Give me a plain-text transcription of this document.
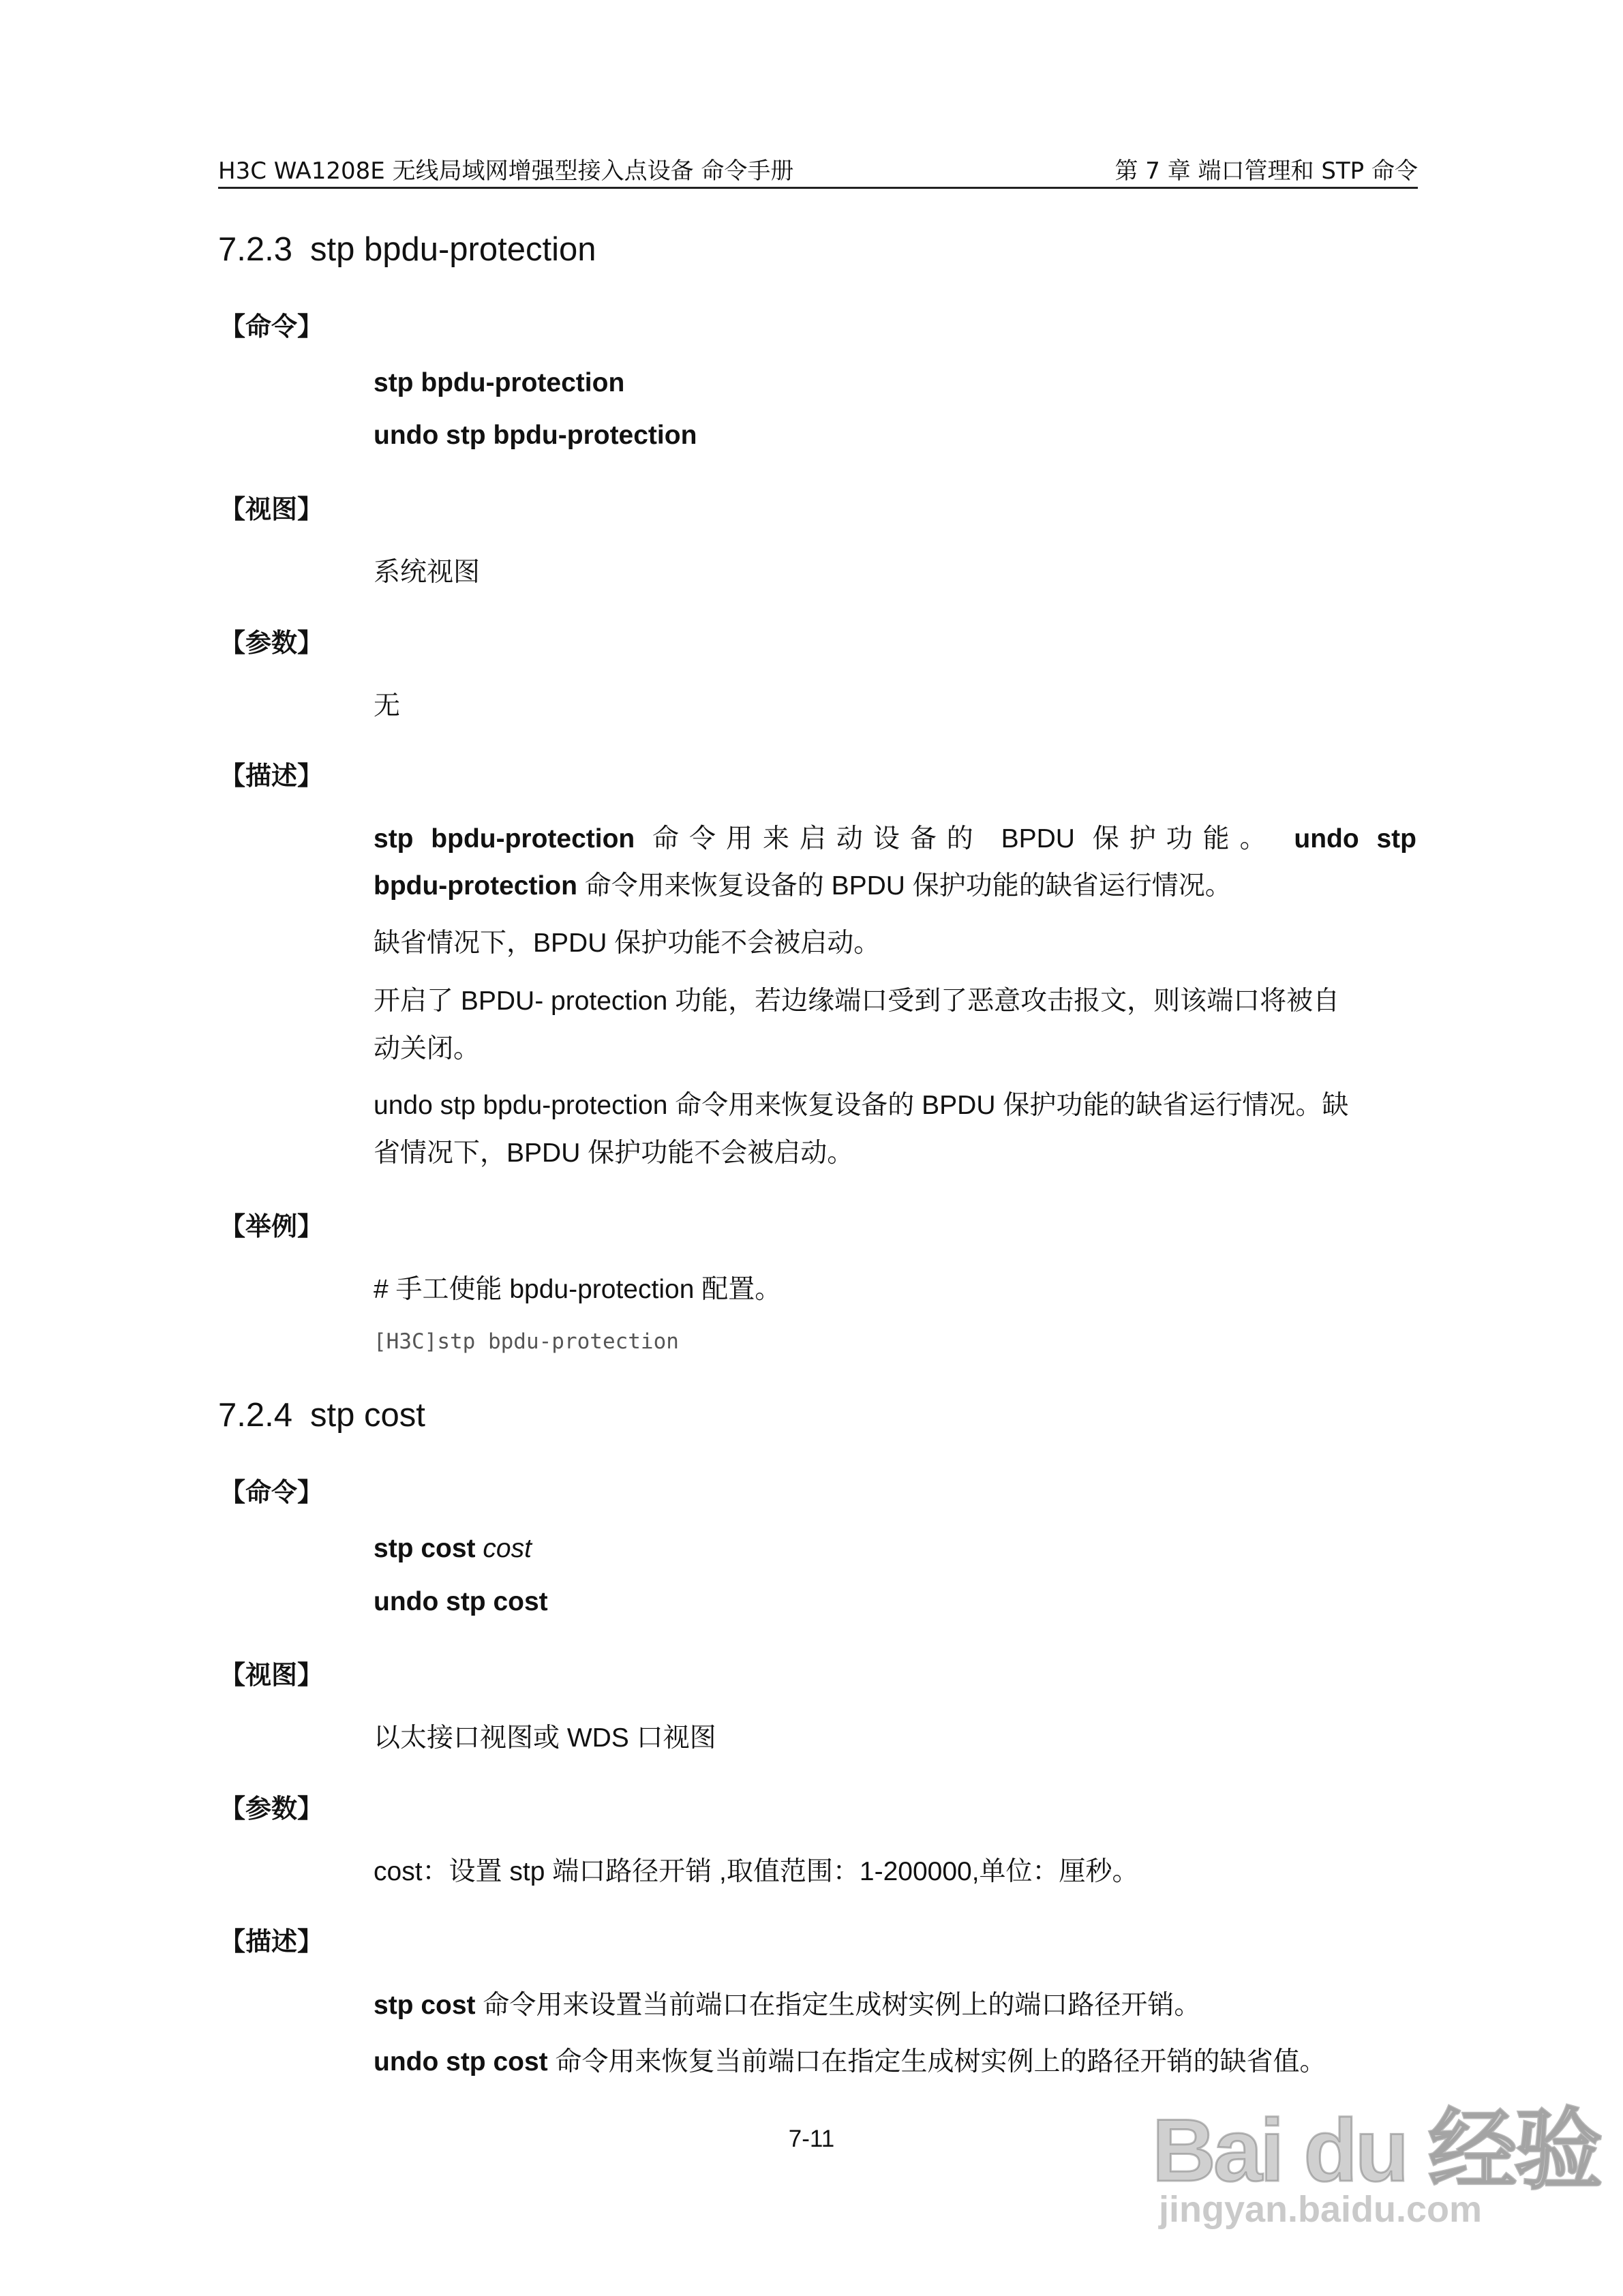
H3C WA1208E 无线局域网增强型接入点设备 命令手册	第 7 章 端口管理和 STP 命令
7.2.3 stp bpdu-protection
【命令】
stp bpdu-protection
undo stp bpdu-protection
【视图】
系统视图
【参数】
无
【描述】
stp bpdu-protection 命令用来启动设备的 BPDU 保护功能。 undo stp
bpdu-protection 命令用来恢复设备的 BPDU 保护功能的缺省运行情况。
缺省情况下，BPDU 保护功能不会被启动。
开启了 BPDU- protection 功能，若边缘端口受到了恶意攻击报文，则该端口将被自
动关闭。
undo stp bpdu-protection 命令用来恢复设备的 BPDU 保护功能的缺省运行情况。缺
省情况下，BPDU 保护功能不会被启动。
【举例】
# 手工使能 bpdu-protection 配置。
[H3C]stp bpdu-protection
7.2.4 stp cost
【命令】
stp cost cost
undo stp cost
【视图】
以太接口视图或 WDS 口视图
【参数】
cost：设置 stp 端口路径开销 ,取值范围：1-200000,单位：厘秒。
【描述】
stp cost 命令用来设置当前端口在指定生成树实例上的端口路径开销。
undo stp cost 命令用来恢复当前端口在指定生成树实例上的路径开销的缺省值。
7-11	Bai du 经验
jingyan.baidu.com
